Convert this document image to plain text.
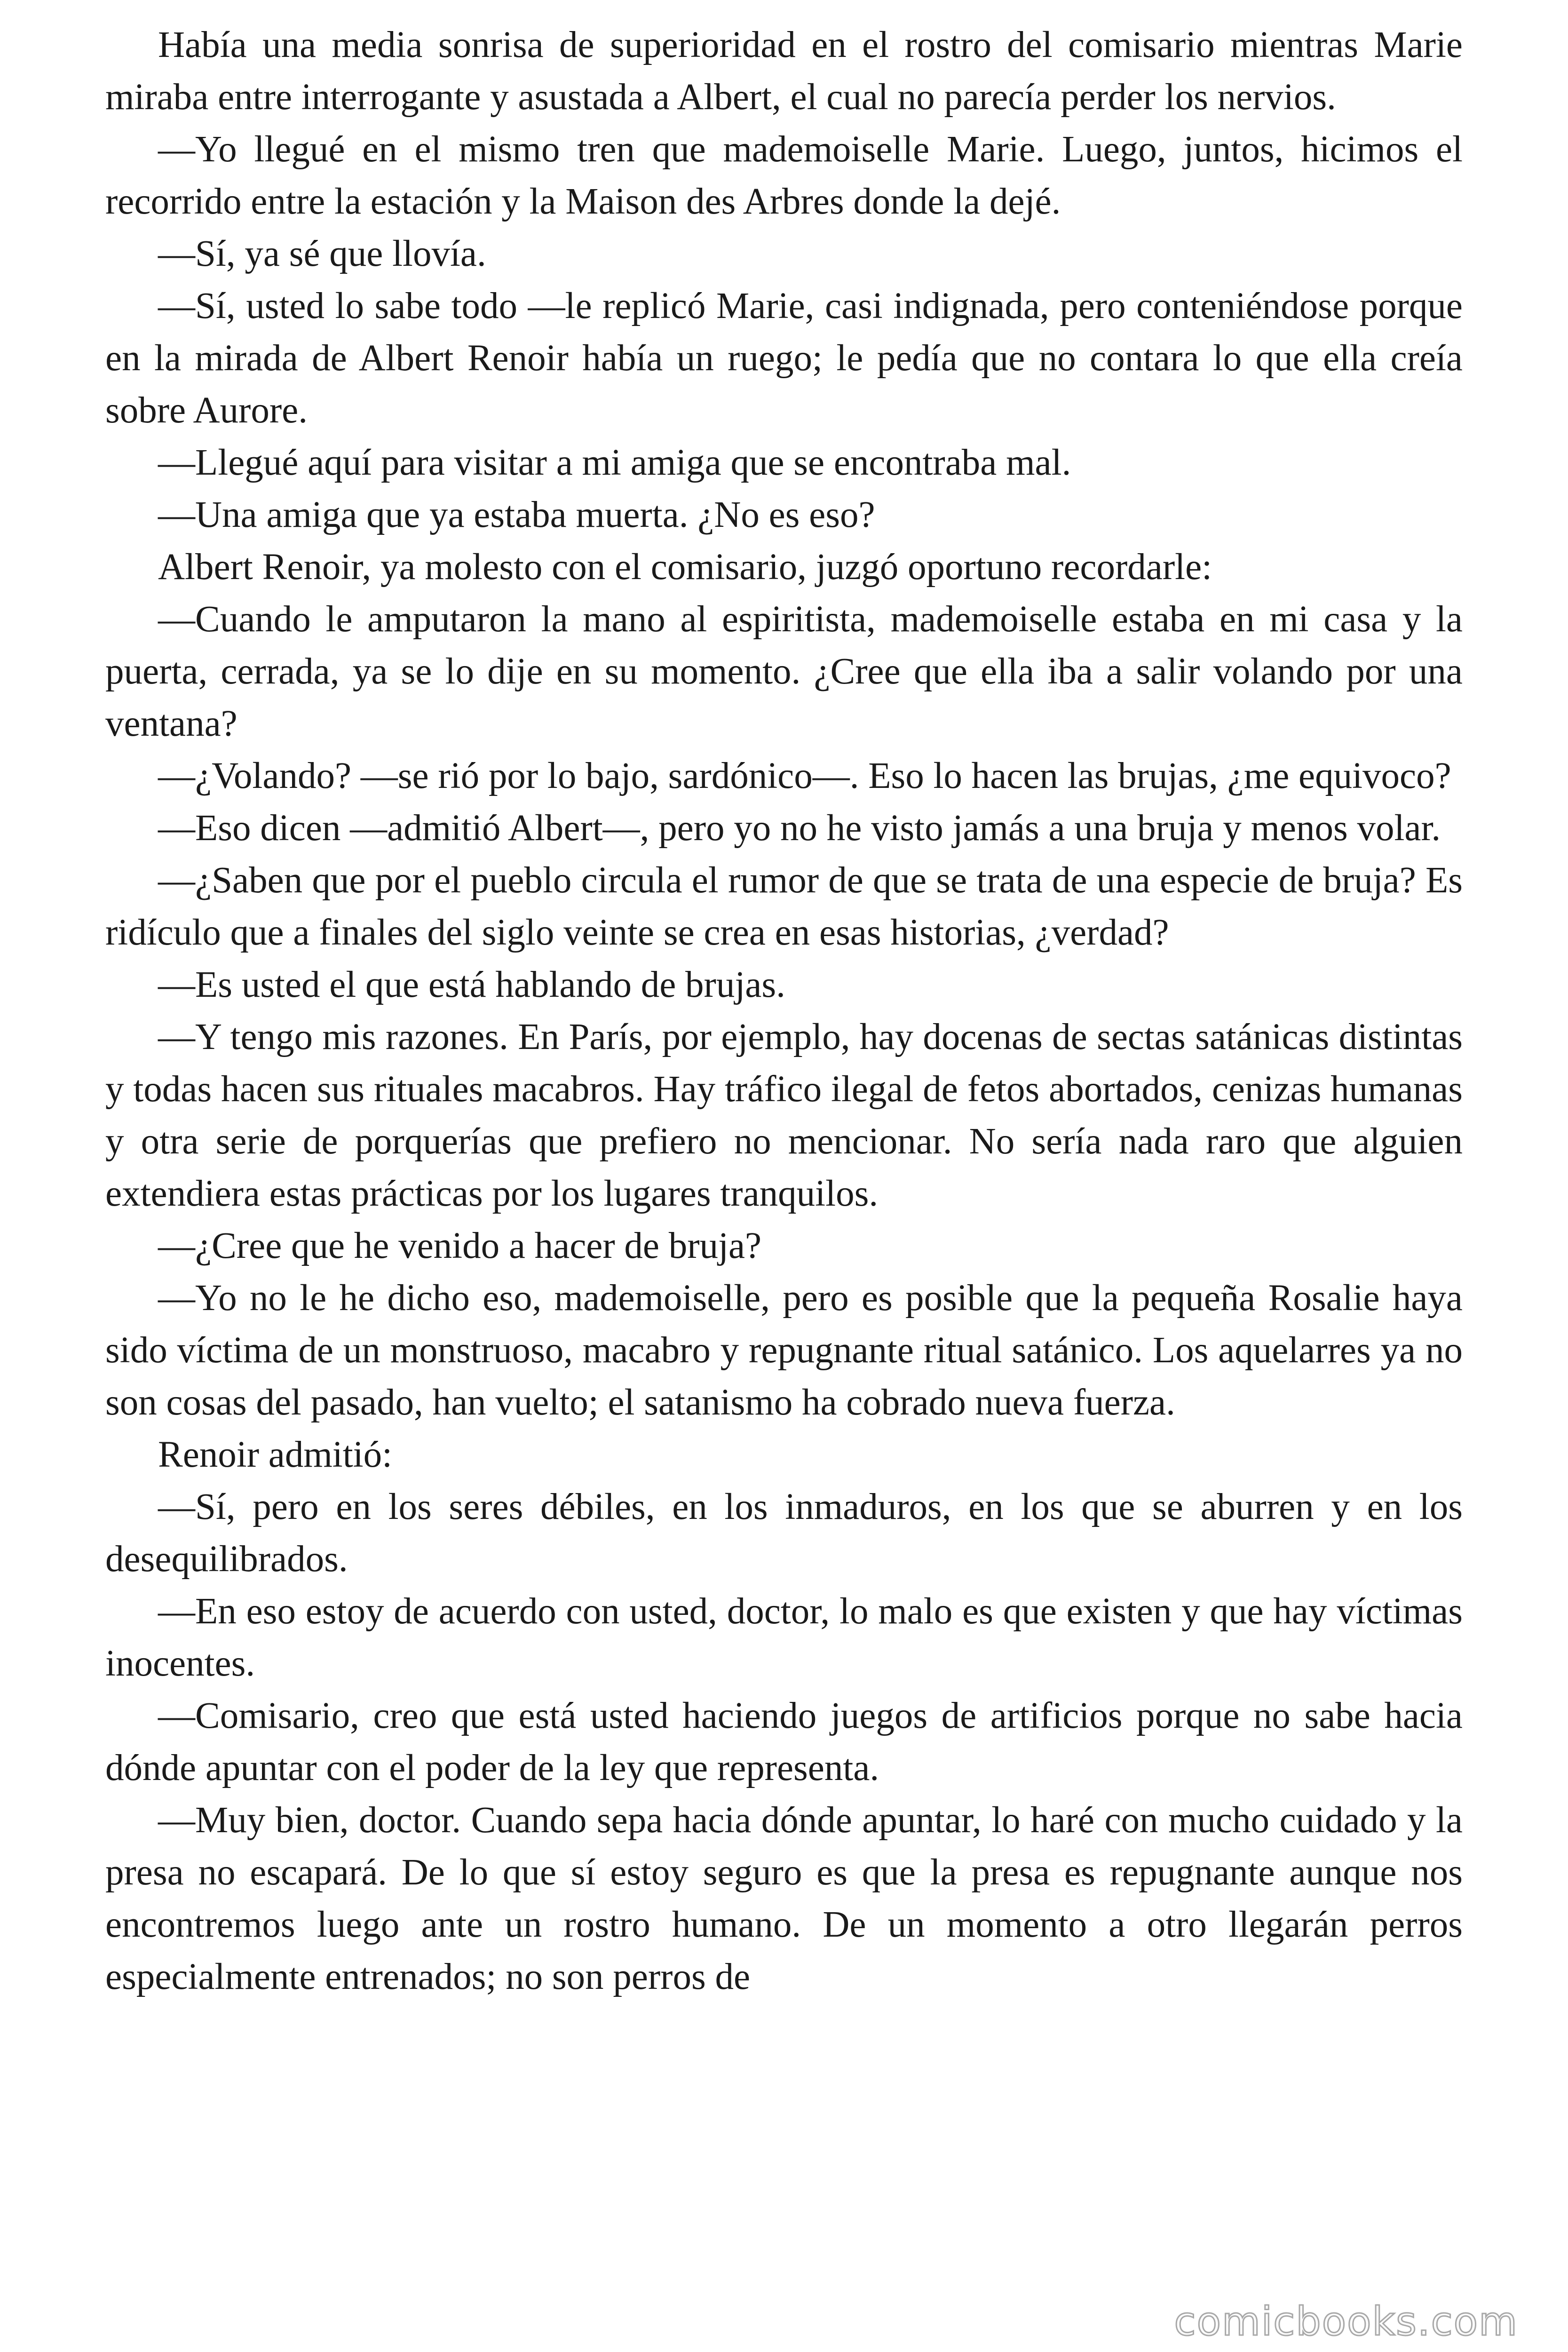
Había una media sonrisa de superioridad en el rostro del comisario mientras Marie miraba entre interrogante y asustada a Albert, el cual no parecía perder los nervios.

—Yo llegué en el mismo tren que mademoiselle Marie. Luego, juntos, hicimos el recorrido entre la estación y la Maison des Arbres donde la dejé.

—Sí, ya sé que llovía.

—Sí, usted lo sabe todo —le replicó Marie, casi indignada, pero conteniéndose porque en la mirada de Albert Renoir había un ruego; le pedía que no contara lo que ella creía sobre Aurore.

—Llegué aquí para visitar a mi amiga que se encontraba mal.

—Una amiga que ya estaba muerta. ¿No es eso?

Albert Renoir, ya molesto con el comisario, juzgó oportuno recordarle:

—Cuando le amputaron la mano al espiritista, mademoiselle estaba en mi casa y la puerta, cerrada, ya se lo dije en su momento. ¿Cree que ella iba a salir volando por una ventana?

—¿Volando? —se rió por lo bajo, sardónico—. Eso lo hacen las brujas, ¿me equivoco?

—Eso dicen —admitió Albert—, pero yo no he visto jamás a una bruja y menos volar.

—¿Saben que por el pueblo circula el rumor de que se trata de una especie de bruja? Es ridículo que a finales del siglo veinte se crea en esas historias, ¿verdad?

—Es usted el que está hablando de brujas.

—Y tengo mis razones. En París, por ejemplo, hay docenas de sectas satánicas distintas y todas hacen sus rituales macabros. Hay tráfico ilegal de fetos abortados, cenizas humanas y otra serie de porquerías que prefiero no mencionar. No sería nada raro que alguien extendiera estas prácticas por los lugares tranquilos.

—¿Cree que he venido a hacer de bruja?

—Yo no le he dicho eso, mademoiselle, pero es posible que la pequeña Rosalie haya sido víctima de un monstruoso, macabro y repugnante ritual satánico. Los aquelarres ya no son cosas del pasado, han vuelto; el satanismo ha cobrado nueva fuerza.

Renoir admitió:

—Sí, pero en los seres débiles, en los inmaduros, en los que se aburren y en los desequilibrados.

—En eso estoy de acuerdo con usted, doctor, lo malo es que existen y que hay víctimas inocentes.

—Comisario, creo que está usted haciendo juegos de artificios porque no sabe hacia dónde apuntar con el poder de la ley que representa.

—Muy bien, doctor. Cuando sepa hacia dónde apuntar, lo haré con mucho cuidado y la presa no escapará. De lo que sí estoy seguro es que la presa es repugnante aunque nos encontremos luego ante un rostro humano. De un momento a otro llegarán perros especialmente entrenados; no son perros de

comicbooks.com
